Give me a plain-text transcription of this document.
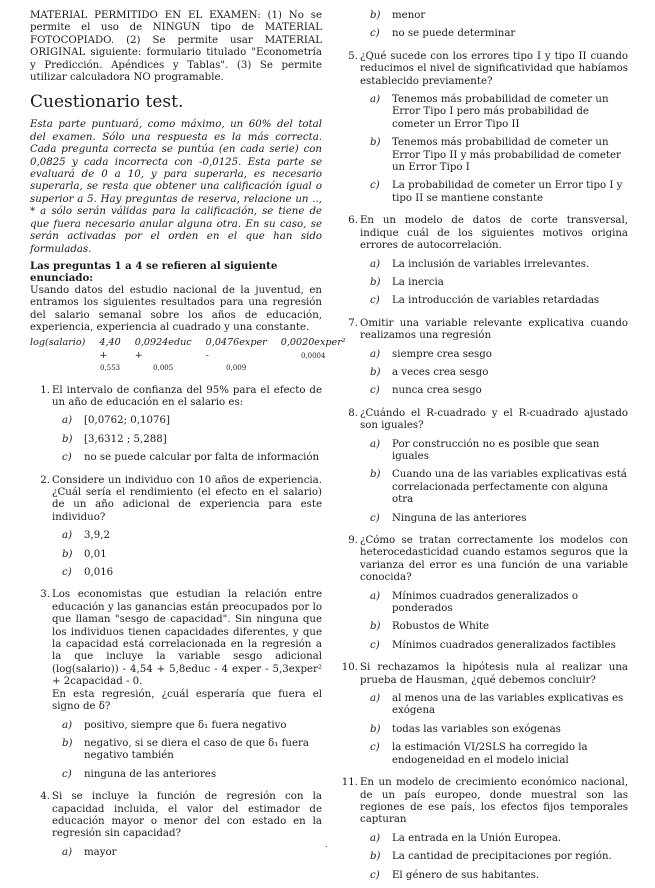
MATERIAL PERMITIDO EN EL EXAMEN: (1) No se permite el uso de NINGUN tipo de MATERIAL FOTOCOPIADO. (2) Se permite usar MATERIAL ORIGINAL siguiente: formulario titulado "Econometría y Predicción. Apéndices y Tablas". (3) Se permite utilizar calculadora NO programable.

Cuestionario test.

Esta parte puntuará, como máximo, un 60% del total del examen. Sólo una respuesta es la más correcta. Cada pregunta correcta se puntúa (en cada serie) con 0,0825 y cada incorrecta con -0,0125. Esta parte se evaluará de 0 a 10, y para superarla, es necesario superarla, se resta que obtener una calificación igual o superior a 5. Hay preguntas de reserva, relacione un .., * a sólo serán válidas para la calificación, se tiene de que fuera necesario anular alguna otra. En su caso, se serán activadas por el orden en el que han sido formuladas.

Las preguntas 1 a 4 se refieren al siguiente enunciado:

Usando datos del estudio nacional de la juventud, en entramos los siguientes resultados para una regresión del salario semanal sobre los años de educación, experiencia, experiencia al cuadrado y una constante.

log(salario) 4,40 +
0,553
0,0924educ +
0,005
0,0476exper -
0,009
0,0020exper²
0,0004
1. El intervalo de confianza del 95% para el efecto de un año de educación en el salario es:

a) [0,0762; 0,1076]
b) [3,6312 ; 5,288]
c) no se puede calcular por falta de información
2. Considere un individuo con 10 años de experiencia. ¿Cuál sería el rendimiento (el efecto en el salario) de un año adicional de experiencia para este individuo?

a) 3,9,2
b) 0,01
c) 0,016
3. Los economistas que estudian la relación entre educación y las ganancias están preocupados por lo que llaman "sesgo de capacidad". Sin ninguna que los individuos tienen capacidades diferentes, y que la capacidad está correlacionada en la regresión a la que incluye la variable sesgo adicional (log(salario)) - 4,54 + 5,8educ - 4 exper - 5,3exper² + 2capacidad - 0.

En esta regresión, ¿cuál esperaría que fuera el signo de δ?

a) positivo, siempre que δ₁ fuera negativo
b) negativo, si se diera el caso de que δ₁ fuera negativo también
c) ninguna de las anteriores
4. Si se incluye la función de regresión con la capacidad incluida, el valor del estimador de educación mayor o menor del con estado en la regresión sin capacidad?

a) mayor
b) menor
c) no se puede determinar
5. ¿Qué sucede con los errores tipo I y tipo II cuando reducimos el nivel de significatividad que habíamos establecido previamente?

a) Tenemos más probabilidad de cometer un Error Tipo I pero más probabilidad de cometer un Error Tipo II
b) Tenemos más probabilidad de cometer un Error Tipo II y más probabilidad de cometer un Error Tipo I
c) La probabilidad de cometer un Error tipo I y tipo II se mantiene constante
6. En un modelo de datos de corte transversal, indique cuál de los siguientes motivos origina errores de autocorrelación.

a) La inclusión de variables irrelevantes.
b) La inercia
c) La introducción de variables retardadas
7. Omitir una variable relevante explicativa cuando realizamos una regresión

a) siempre crea sesgo
b) a veces crea sesgo
c) nunca crea sesgo
8. ¿Cuándo el R-cuadrado y el R-cuadrado ajustado son iguales?

a) Por construcción no es posible que sean iguales
b) Cuando una de las variables explicativas está correlacionada perfectamente con alguna otra
c) Ninguna de las anteriores
9. ¿Cómo se tratan correctamente los modelos con heterocedasticidad cuando estamos seguros que la varianza del error es una función de una variable conocida?

a) Mínimos cuadrados generalizados o ponderados
b) Robustos de White
c) Mínimos cuadrados generalizados factibles
10. Si rechazamos la hipótesis nula al realizar una prueba de Hausman, ¿qué debemos concluir?

a) al menos una de las variables explicativas es exógena
b) todas las variables son exógenas
c) la estimación VI/2SLS ha corregido la endogeneidad en el modelo inicial
11. En un modelo de crecimiento económico nacional, de un país europeo, donde muestral son las regiones de ese país, los efectos fijos temporales capturan

a) La entrada en la Unión Europea.
b) La cantidad de precipitaciones por región.
c) El género de sus habitantes.
.
